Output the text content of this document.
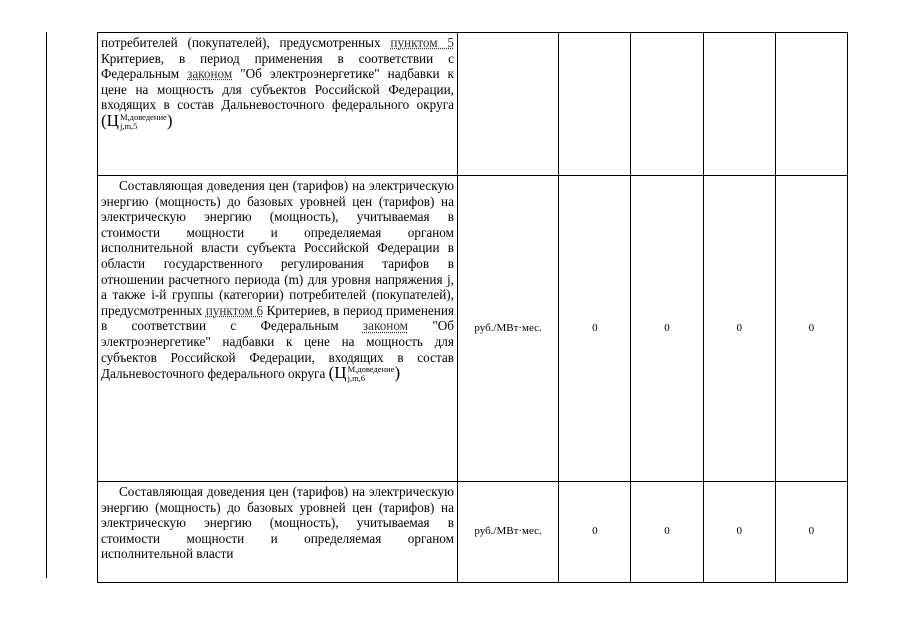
потребителей (покупателей), предусмотренных пунктом 5 Критериев, в период применения в соответствии с Федеральным законом "Об электроэнергетике" надбавки к цене на мощность для субъектов Российской Федерации, входящих в состав Дальневосточного федерального округа (Ц М,доведение
j,m,5 )					
Составляющая доведения цен (тарифов) на электрическую энергию (мощность) до базовых уровней цен (тарифов) на электрическую энергию (мощность), учитываемая в стоимости мощности и определяемая органом исполнительной власти субъекта Российской Федерации в области государственного регулирования тарифов в отношении расчетного периода (m) для уровня напряжения j, а также i-й группы (категории) потребителей (покупателей), предусмотренных пунктом 6 Критериев, в период применения в соответствии с Федеральным законом "Об электроэнергетике" надбавки к цене на мощность для субъектов Российской Федерации, входящих в состав Дальневосточного федерального округа (Ц М,доведение
j,m,6 )	руб./МВт·мес.	0	0	0	0

Составляющая доведения цен (тарифов) на электрическую энергию (мощность) до базовых уровней цен (тарифов) на электрическую энергию (мощность), учитываемая в стоимости мощности и определяемая органом исполнительной власти	руб./МВт·мес.	0	0	0	0
